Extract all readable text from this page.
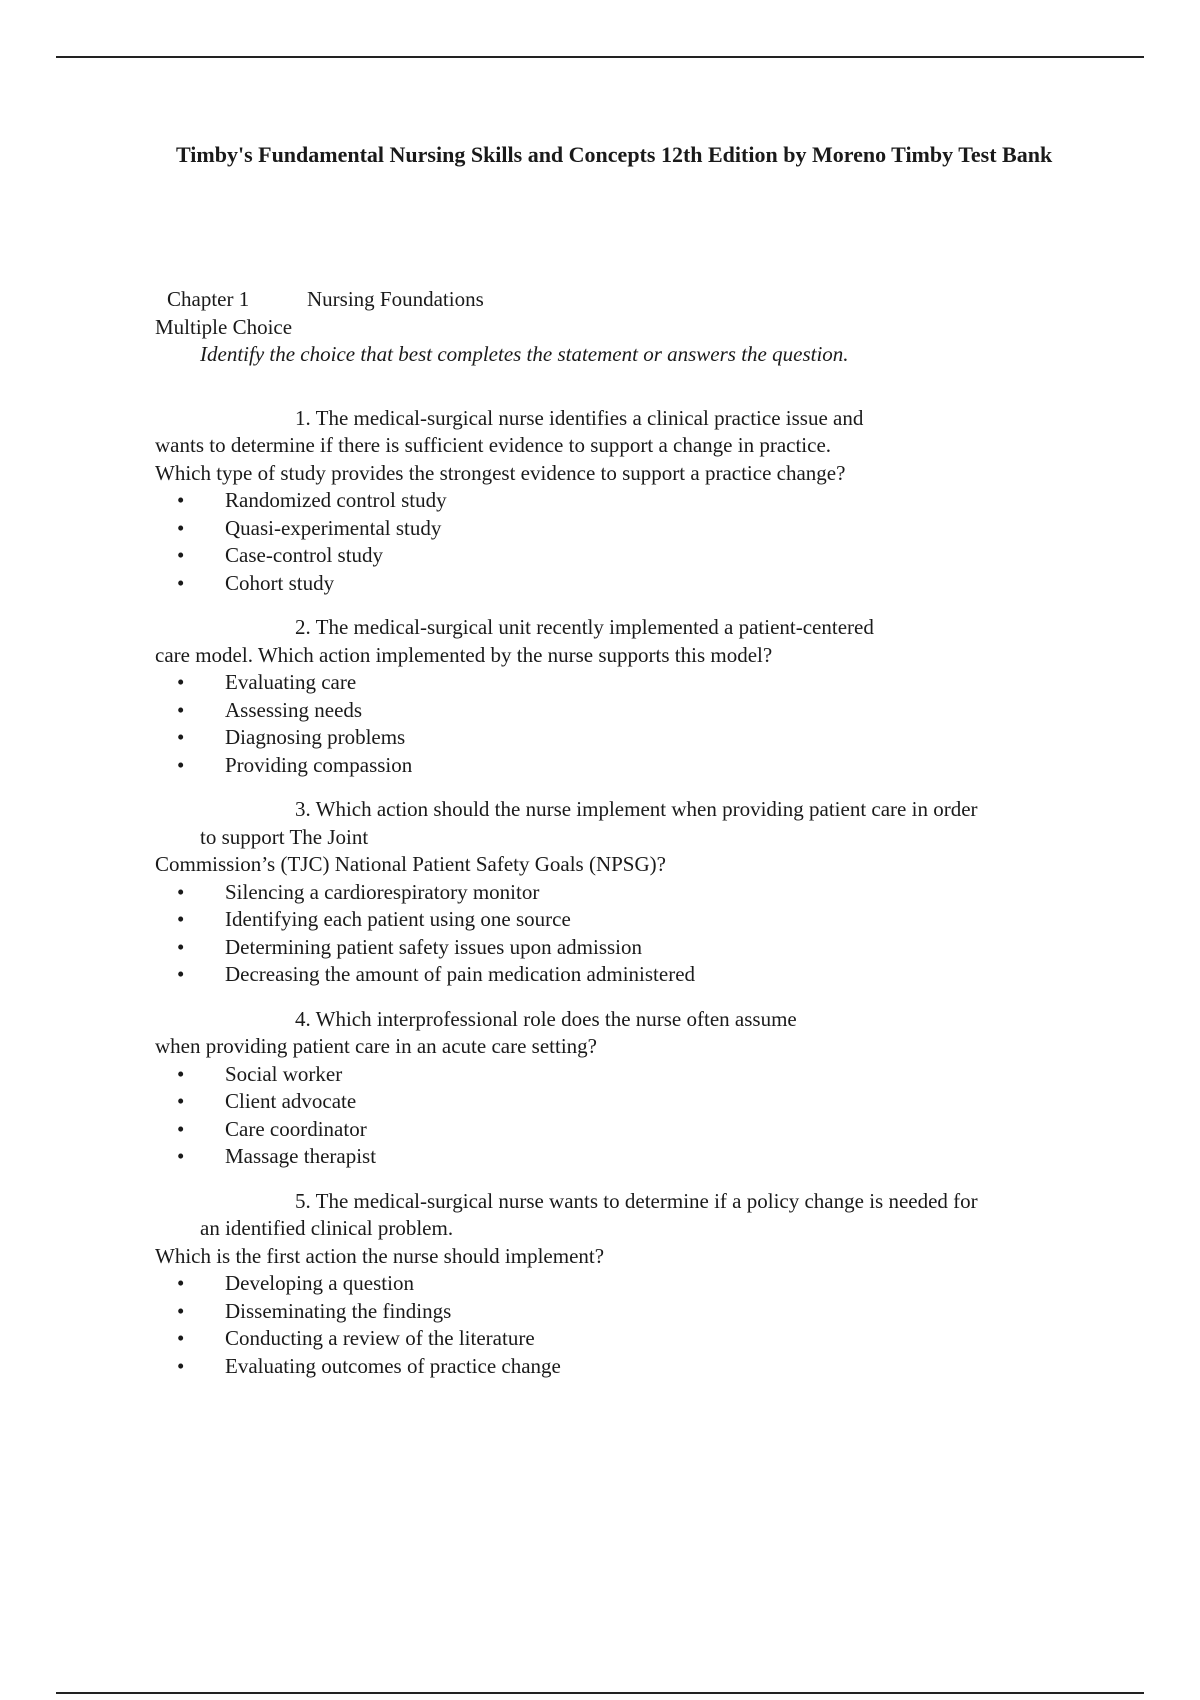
Timby's Fundamental Nursing Skills and Concepts 12th Edition by Moreno Timby Test Bank
Chapter 1	Nursing Foundations
Multiple Choice
Identify the choice that best completes the statement or answers the question.
1. The medical-surgical nurse identifies a clinical practice issue and
wants to determine if there is sufficient evidence to support a change in practice.
Which type of study provides the strongest evidence to support a practice change?
• Randomized control study
• Quasi-experimental study
• Case-control study
• Cohort study
2. The medical-surgical unit recently implemented a patient-centered
care model. Which action implemented by the nurse supports this model?
• Evaluating care
• Assessing needs
• Diagnosing problems
• Providing compassion
3. Which action should the nurse implement when providing patient care in order
to support The Joint
Commission’s (TJC) National Patient Safety Goals (NPSG)?
• Silencing a cardiorespiratory monitor
• Identifying each patient using one source
• Determining patient safety issues upon admission
• Decreasing the amount of pain medication administered
4. Which interprofessional role does the nurse often assume
when providing patient care in an acute care setting?
• Social worker
• Client advocate
• Care coordinator
• Massage therapist
5. The medical-surgical nurse wants to determine if a policy change is needed for
an identified clinical problem.
Which is the first action the nurse should implement?
• Developing a question
• Disseminating the findings
• Conducting a review of the literature
• Evaluating outcomes of practice change
